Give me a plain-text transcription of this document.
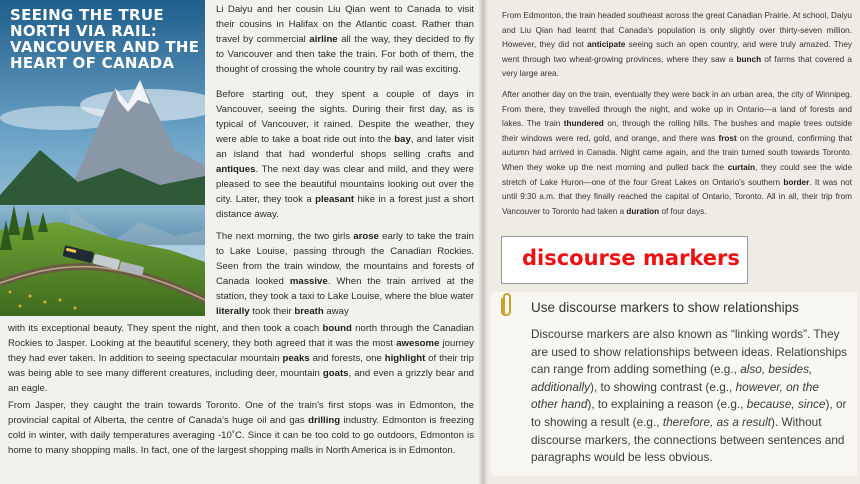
SEEING THE TRUE
NORTH VIA RAIL:
VANCOUVER AND THE
HEART OF CANADA

Li Daiyu and her cousin Liu Qian went to Canada to visit their cousins in Halifax on the Atlantic coast. Rather than travel by commercial airline all the way, they decided to fly to Vancouver and then take the train. For both of them, the thought of crossing the whole country by rail was exciting.

Before starting out, they spent a couple of days in Vancouver, seeing the sights. During their first day, as is typical of Vancouver, it rained. Despite the weather, they were able to take a boat ride out into the bay, and later visit an island that had wonderful shops selling crafts and antiques. The next day was clear and mild, and they were pleased to see the beautiful mountains looking out over the city. Later, they took a pleasant hike in a forest just a short distance away.

The next morning, the two girls arose early to take the train to Lake Louise, passing through the Canadian Rockies. Seen from the train window, the mountains and forests of Canada looked massive. When the train arrived at the station, they took a taxi to Lake Louise, where the blue water literally took their breath away

with its exceptional beauty. They spent the night, and then took a coach bound north through the Canadian Rockies to Jasper. Looking at the beautiful scenery, they both agreed that it was the most awesome journey they had ever taken. In addition to seeing spectacular mountain peaks and forests, one highlight of their trip was being able to see many different creatures, including deer, mountain goats, and even a grizzly bear and an eagle.

From Jasper, they caught the train towards Toronto. One of the train's first stops was in Edmonton, the provincial capital of Alberta, the centre of Canada's huge oil and gas drilling industry. Edmonton is freezing cold in winter, with daily temperatures averaging -10˚C. Since it can be too cold to go outdoors, Edmonton is home to many shopping malls. In fact, one of the largest shopping malls in North America is in Edmonton.

From Edmonton, the train headed southeast across the great Canadian Prairie. At school, Daiyu and Liu Qian had learnt that Canada's population is only slightly over thirty-seven million. However, they did not anticipate seeing such an open country, and were truly amazed. They went through two wheat-growing provinces, where they saw a bunch of farms that covered a very large area.

After another day on the train, eventually they were back in an urban area, the city of Winnipeg. From there, they travelled through the night, and woke up in Ontario—a land of forests and lakes. The train thundered on, through the rolling hills. The bushes and maple trees outside their windows were red, gold, and orange, and there was frost on the ground, confirming that autumn had arrived in Canada. Night came again, and the train turned south towards Toronto. When they woke up the next morning and pulled back the curtain, they could see the wide stretch of Lake Huron—one of the four Great Lakes on Ontario's southern border. It was not until 9:30 a.m. that they finally reached the capital of Ontario, Toronto. All in all, their trip from Vancouver to Toronto had taken a duration of four days.

discourse markers
Use discourse markers to show relationships

Discourse markers are also known as “linking words”. They are used to show relationships between ideas. Relationships can range from adding something (e.g., also, besides, additionally), to showing contrast (e.g., however, on the other hand), to explaining a reason (e.g., because, since), or to showing a result (e.g., therefore, as a result). Without discourse markers, the connections between sentences and paragraphs would be less obvious.
